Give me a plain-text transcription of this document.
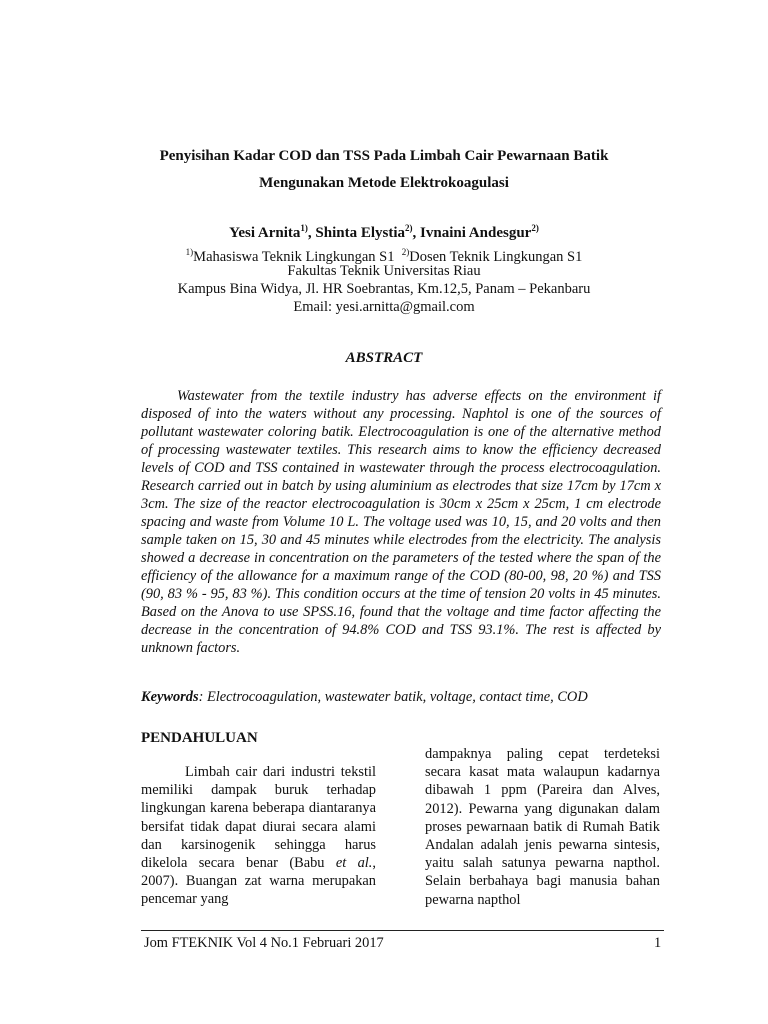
Penyisihan Kadar COD dan TSS Pada Limbah Cair Pewarnaan Batik
Mengunakan Metode Elektrokoagulasi
Yesi Arnita$^{1)}$, Shinta Elystia$^{2)}$, Ivnaini Andesgur$^{2)}$
$^{1)}$Mahasiswa Teknik Lingkungan S1 $^{2)}$Dosen Teknik Lingkungan S1
Fakultas Teknik Universitas Riau
Kampus Bina Widya, Jl. HR Soebrantas, Km.12,5, Panam – Pekanbaru
Email: yesi.arnitta@gmail.com
ABSTRACT
Wastewater from the textile industry has adverse effects on the environment if disposed of into the waters without any processing. Naphtol is one of the sources of pollutant wastewater coloring batik. Electrocoagulation is one of the alternative method of processing wastewater textiles. This research aims to know the efficiency decreased levels of COD and TSS contained in wastewater through the process electrocoagulation. Research carried out in batch by using aluminium as electrodes that size 17cm by 17cm x 3cm. The size of the reactor electrocoagulation is 30cm x 25cm x 25cm, 1 cm electrode spacing and waste from Volume 10 L. The voltage used was 10, 15, and 20 volts and then sample taken on 15, 30 and 45 minutes while electrodes from the electricity. The analysis showed a decrease in concentration on the parameters of the tested where the span of the efficiency of the allowance for a maximum range of the COD (80-00, 98, 20 %) and TSS (90, 83 % - 95, 83 %). This condition occurs at the time of tension 20 volts in 45 minutes. Based on the Anova to use SPSS.16, found that the voltage and time factor affecting the decrease in the concentration of 94.8% COD and TSS 93.1%. The rest is affected by unknown factors.
Keywords: Electrocoagulation, wastewater batik, voltage, contact time, COD
PENDAHULUAN
Limbah cair dari industri tekstil memiliki dampak buruk terhadap lingkungan karena beberapa diantaranya bersifat tidak dapat diurai secara alami dan karsinogenik sehingga harus dikelola secara benar (Babu et al., 2007). Buangan zat warna merupakan pencemar yang
dampaknya paling cepat terdeteksi secara kasat mata walaupun kadarnya dibawah 1 ppm (Pareira dan Alves, 2012). Pewarna yang digunakan dalam proses pewarnaan batik di Rumah Batik Andalan adalah jenis pewarna sintesis, yaitu salah satunya pewarna napthol. Selain berbahaya bagi manusia bahan pewarna napthol
Jom FTEKNIK Vol 4 No.1 Februari 2017	1
